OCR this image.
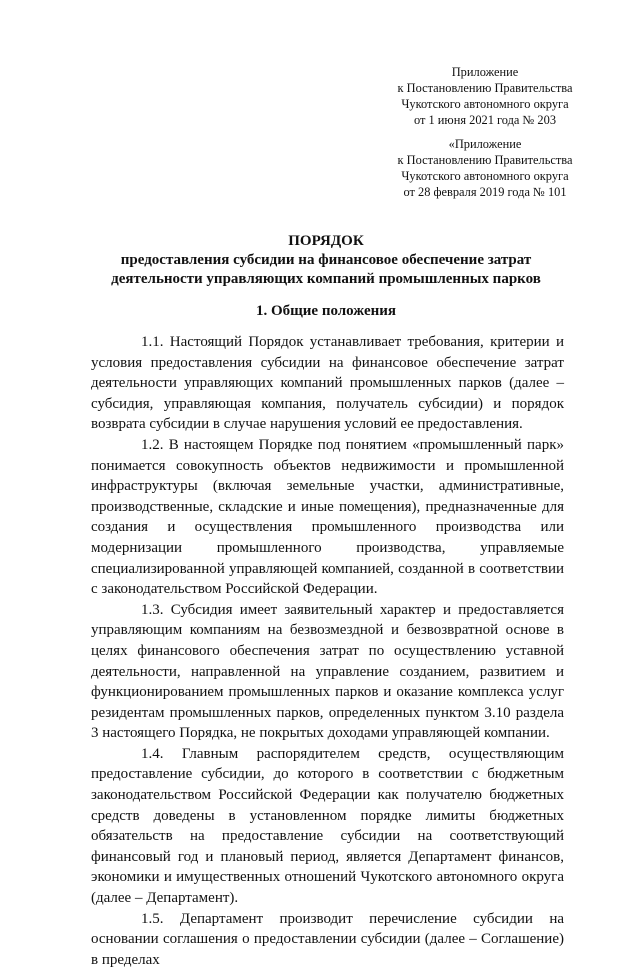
Приложение
к Постановлению Правительства
Чукотского автономного округа
от 1 июня 2021 года № 203
«Приложение
к Постановлению Правительства
Чукотского автономного округа
от 28 февраля 2019 года № 101
ПОРЯДОК
предоставления субсидии на финансовое обеспечение затрат деятельности управляющих компаний промышленных парков
1. Общие положения

1.1. Настоящий Порядок устанавливает требования, критерии и условия предоставления субсидии на финансовое обеспечение затрат деятельности управляющих компаний промышленных парков (далее – субсидия, управляющая компания, получатель субсидии) и порядок возврата субсидии в случае нарушения условий ее предоставления.

1.2. В настоящем Порядке под понятием «промышленный парк» понимается совокупность объектов недвижимости и промышленной инфраструктуры (включая земельные участки, административные, производственные, складские и иные помещения), предназначенные для создания и осуществления промышленного производства или модернизации промышленного производства, управляемые специализированной управляющей компанией, созданной в соответствии с законодательством Российской Федерации.

1.3. Субсидия имеет заявительный характер и предоставляется управляющим компаниям на безвозмездной и безвозвратной основе в целях финансового обеспечения затрат по осуществлению уставной деятельности, направленной на управление созданием, развитием и функционированием промышленных парков и оказание комплекса услуг резидентам промышленных парков, определенных пунктом 3.10 раздела 3 настоящего Порядка, не покрытых доходами управляющей компании.

1.4. Главным распорядителем средств, осуществляющим предоставление субсидии, до которого в соответствии с бюджетным законодательством Российской Федерации как получателю бюджетных средств доведены в установленном порядке лимиты бюджетных обязательств на предоставление субсидии на соответствующий финансовый год и плановый период, является Департамент финансов, экономики и имущественных отношений Чукотского автономного округа (далее – Департамент).

1.5. Департамент производит перечисление субсидии на основании соглашения о предоставлении субсидии (далее – Соглашение) в пределах
